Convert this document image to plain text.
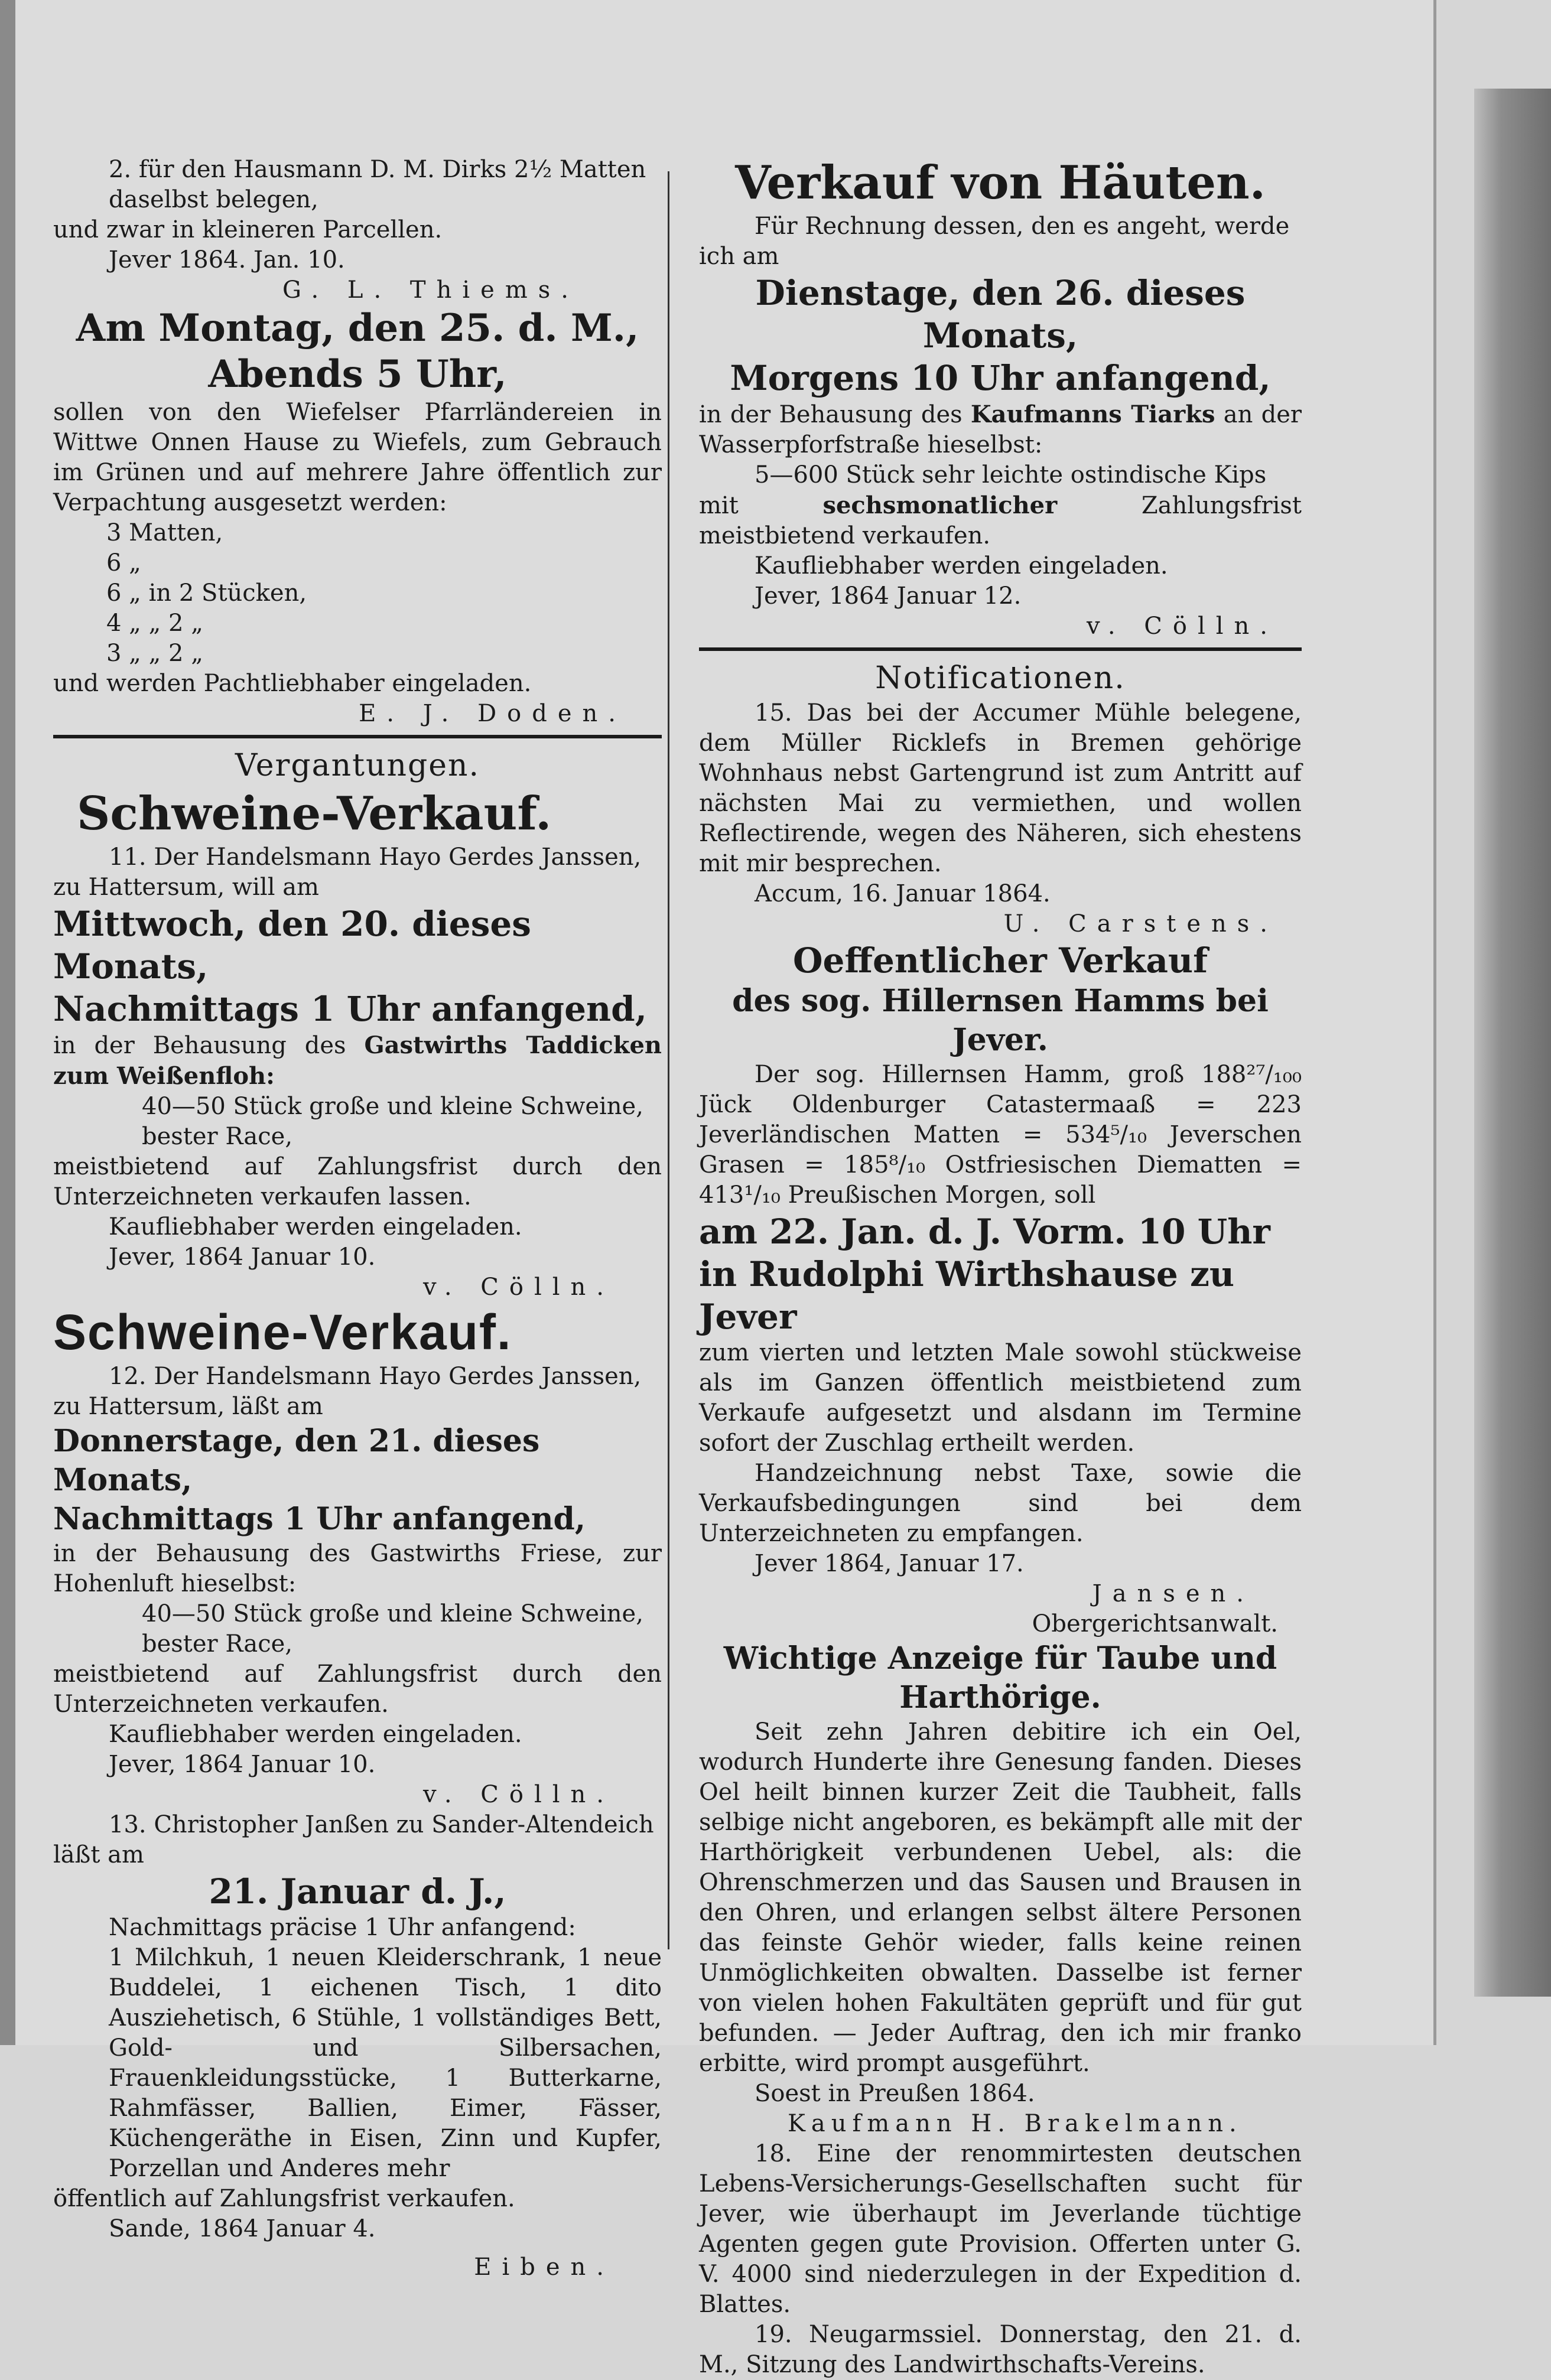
2. für den Hausmann D. M. Dirks 2½ Matten

daselbst belegen,

und zwar in kleineren Parcellen.

Jever 1864. Jan. 10.

G. L. Thiems.

Am Montag, den 25. d. M.,

Abends 5 Uhr,

sollen von den Wiefelser Pfarrländereien in Wittwe Onnen Hause zu Wiefels, zum Gebrauch im Grünen und auf mehrere Jahre öffentlich zur Verpachtung ausgesetzt werden:

3 Matten,
6 „
6 „ in 2 Stücken,
4 „ „ 2 „
3 „ „ 2 „

und werden Pachtliebhaber eingeladen.

E. J. Doden.

Vergantungen.

Schweine-Verkauf.

11. Der Handelsmann Hayo Gerdes Janssen, zu Hattersum, will am

Mittwoch, den 20. dieses Monats,

Nachmittags 1 Uhr anfangend,

in der Behausung des Gastwirths Taddicken zum Weißenfloh:

40—50 Stück große und kleine Schweine, bester Race,

meistbietend auf Zahlungsfrist durch den Unterzeichneten verkaufen lassen.

Kaufliebhaber werden eingeladen.

Jever, 1864 Januar 10.

v. Cölln.

Schweine-Verkauf.

12. Der Handelsmann Hayo Gerdes Janssen, zu Hattersum, läßt am

Donnerstage, den 21. dieses Monats,

Nachmittags 1 Uhr anfangend,

in der Behausung des Gastwirths Friese, zur Hohenluft hieselbst:

40—50 Stück große und kleine Schweine, bester Race,

meistbietend auf Zahlungsfrist durch den Unterzeichneten verkaufen.

Kaufliebhaber werden eingeladen.

Jever, 1864 Januar 10.

v. Cölln.

13. Christopher Janßen zu Sander-Altendeich

läßt am

21. Januar d. J.,

Nachmittags präcise 1 Uhr anfangend:

1 Milchkuh, 1 neuen Kleiderschrank, 1 neue Buddelei, 1 eichenen Tisch, 1 dito Ausziehetisch, 6 Stühle, 1 vollständiges Bett, Gold- und Silbersachen, Frauenkleidungsstücke, 1 Butterkarne, Rahmfässer, Ballien, Eimer, Fässer, Küchengeräthe in Eisen, Zinn und Kupfer, Porzellan und Anderes mehr

öffentlich auf Zahlungsfrist verkaufen.

Sande, 1864 Januar 4.

Eiben.

Verkauf von Häuten.

Für Rechnung dessen, den es angeht, werde ich am

Dienstage, den 26. dieses Monats,

Morgens 10 Uhr anfangend,

in der Behausung des Kaufmanns Tiarks an der Wasserpforfstraße hieselbst:

5—600 Stück sehr leichte ostindische Kips

mit sechsmonatlicher Zahlungsfrist meistbietend verkaufen.

Kaufliebhaber werden eingeladen.

Jever, 1864 Januar 12.

v. Cölln.

Notificationen.

15. Das bei der Accumer Mühle belegene, dem Müller Ricklefs in Bremen gehörige Wohnhaus nebst Gartengrund ist zum Antritt auf nächsten Mai zu vermiethen, und wollen Reflectirende, wegen des Näheren, sich ehestens mit mir besprechen.

Accum, 16. Januar 1864.

U. Carstens.

Oeffentlicher Verkauf

des sog. Hillernsen Hamms bei Jever.

Der sog. Hillernsen Hamm, groß 188²⁷/₁₀₀ Jück Oldenburger Catastermaaß = 223 Jeverländischen Matten = 534⁵/₁₀ Jeverschen Grasen = 185⁸/₁₀ Ostfriesischen Diematten = 413¹/₁₀ Preußischen Morgen, soll

am 22. Jan. d. J. Vorm. 10 Uhr

in Rudolphi Wirthshause zu Jever

zum vierten und letzten Male sowohl stückweise als im Ganzen öffentlich meistbietend zum Verkaufe aufgesetzt und alsdann im Termine sofort der Zuschlag ertheilt werden.

Handzeichnung nebst Taxe, sowie die Verkaufsbedingungen sind bei dem Unterzeichneten zu empfangen.

Jever 1864, Januar 17.

Jansen.

Obergerichtsanwalt.

Wichtige Anzeige für Taube und

Harthörige.

Seit zehn Jahren debitire ich ein Oel, wodurch Hunderte ihre Genesung fanden. Dieses Oel heilt binnen kurzer Zeit die Taubheit, falls selbige nicht angeboren, es bekämpft alle mit der Harthörigkeit verbundenen Uebel, als: die Ohrenschmerzen und das Sausen und Brausen in den Ohren, und erlangen selbst ältere Personen das feinste Gehör wieder, falls keine reinen Unmöglichkeiten obwalten. Dasselbe ist ferner von vielen hohen Fakultäten geprüft und für gut befunden. — Jeder Auftrag, den ich mir franko erbitte, wird prompt ausgeführt.

Soest in Preußen 1864.

Kaufmann H. Brakelmann.

18. Eine der renommirtesten deutschen Lebens-Versicherungs-Gesellschaften sucht für Jever, wie überhaupt im Jeverlande tüchtige Agenten gegen gute Provision. Offerten unter G. V. 4000 sind niederzulegen in der Expedition d. Blattes.

19. Neugarmssiel. Donnerstag, den 21. d. M., Sitzung des Landwirthschafts-Vereins.
